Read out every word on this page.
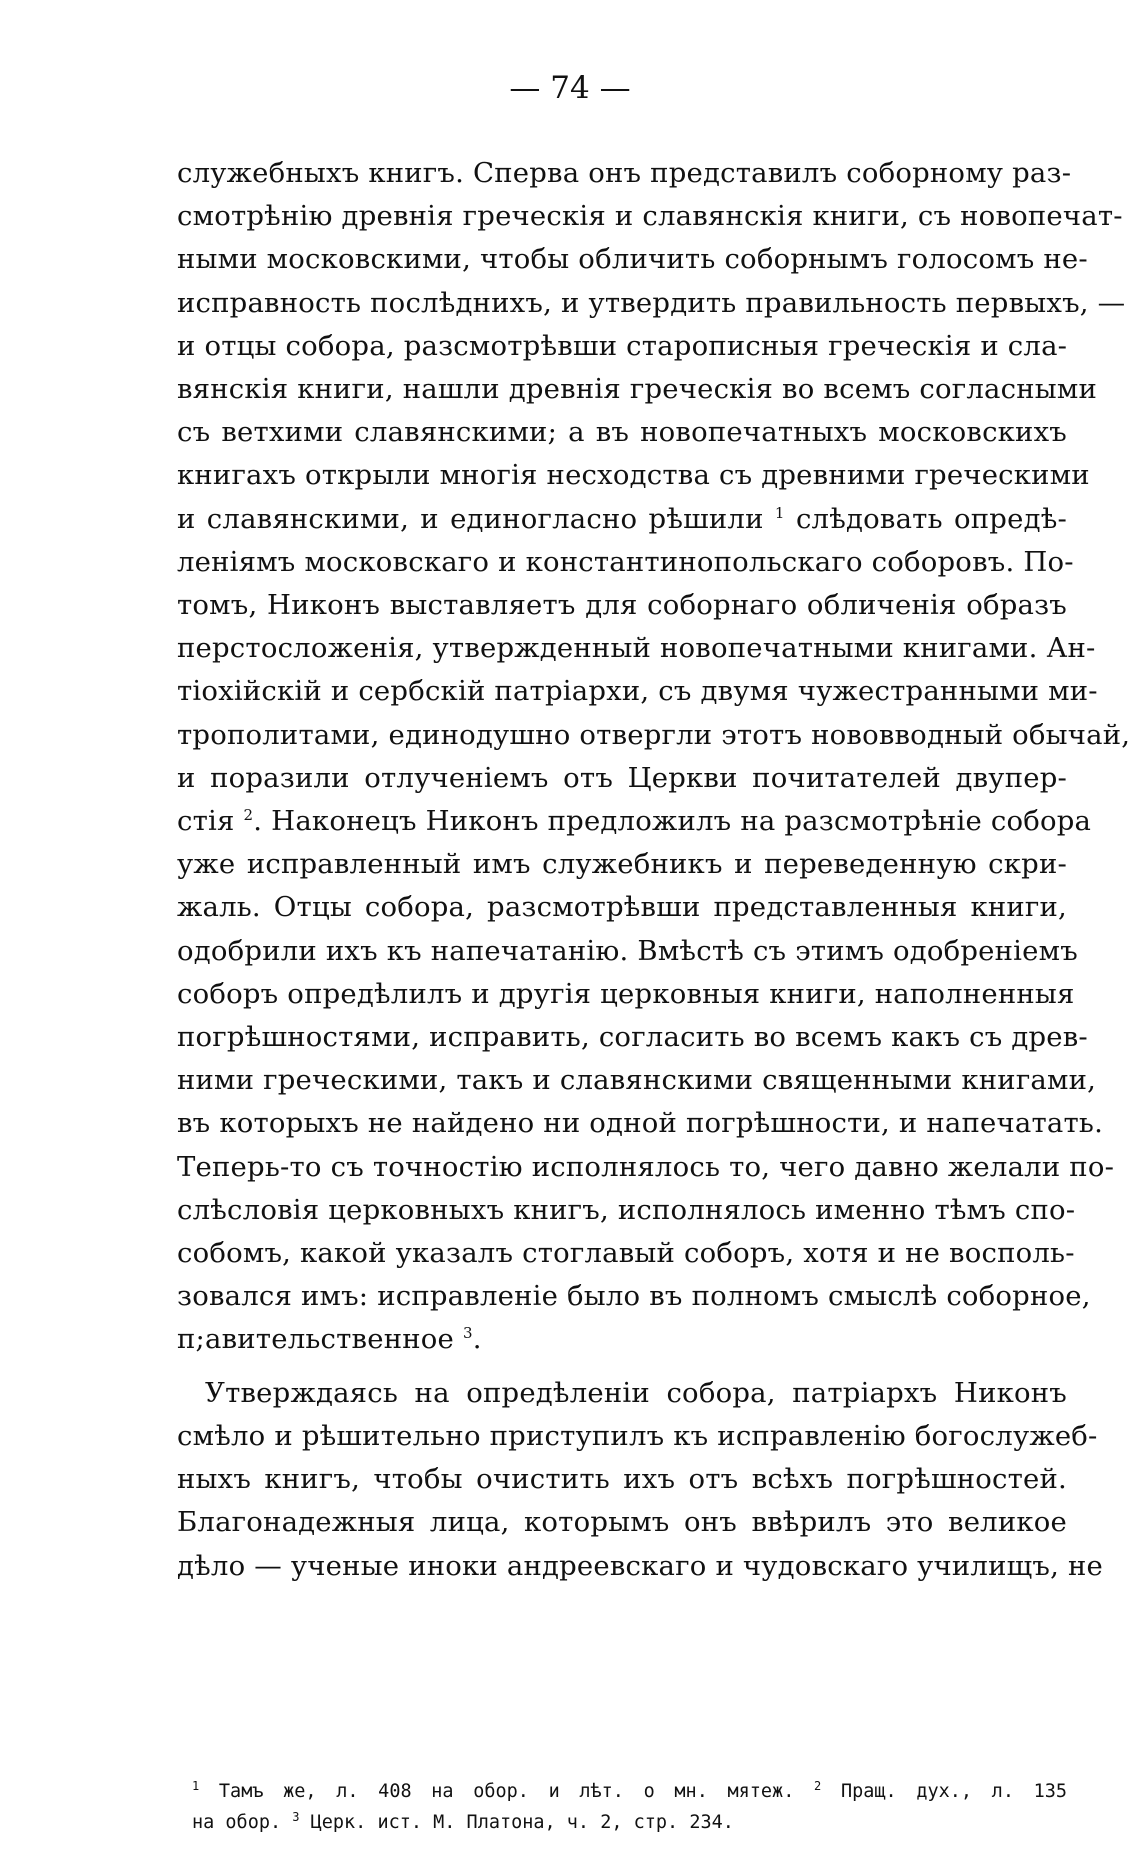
— 74 —
служебныхъ книгъ. Сперва онъ представилъ соборному раз-
смотрѣнію древнія греческія и славянскія книги, съ новопечат-
ными московскими, чтобы обличить соборнымъ голосомъ не-
исправность послѣднихъ, и утвердить правильность первыхъ, —
и отцы собора, разсмотрѣвши старописныя греческія и сла-
вянскія книги, нашли древнія греческія во всемъ согласными
съ ветхими славянскими; а въ новопечатныхъ московскихъ
книгахъ открыли многія несходства съ древними греческими
и славянскими, и единогласно рѣшили $^1$ слѣдовать опредѣ-
леніямъ московскаго и константинопольскаго соборовъ. По-
томъ, Никонъ выставляетъ для соборнаго обличенія образъ
перстосложенія, утвержденный новопечатными книгами. Ан-
тіохійскій и сербскій патріархи, съ двумя чужестранными ми-
трополитами, единодушно отвергли этотъ нововводный обычай,
и поразили отлученіемъ отъ Церкви почитателей двупер-
стія $^2$. Наконецъ Никонъ предложилъ на разсмотрѣніе собора
уже исправленный имъ служебникъ и переведенную скри-
жаль. Отцы собора, разсмотрѣвши представленныя книги,
одобрили ихъ къ напечатанію. Вмѣстѣ съ этимъ одобреніемъ
соборъ опредѣлилъ и другія церковныя книги, наполненныя
погрѣшностями, исправить, согласить во всемъ какъ съ древ-
ними греческими, такъ и славянскими священными книгами,
въ которыхъ не найдено ни одной погрѣшности, и напечатать.
Теперь-то съ точностію исполнялось то, чего давно желали по-
слѣсловія церковныхъ книгъ, исполнялось именно тѣмъ спо-
собомъ, какой указалъ стоглавый соборъ, хотя и не восполь-
зовался имъ: исправленіе было въ полномъ смыслѣ соборное,
п;авительственное $^3$.
Утверждаясь на опредѣленіи собора, патріархъ Никонъ
смѣло и рѣшительно приступилъ къ исправленію богослужеб-
ныхъ книгъ, чтобы очистить ихъ отъ всѣхъ погрѣшностей.
Благонадежныя лица, которымъ онъ ввѣрилъ это великое
дѣло — ученые иноки андреевскаго и чудовскаго училищъ, не
$^1$ Тамъ же, л. 408 на обор. и лѣт. о мн. мятеж. $^2$ Пращ. дух., л. 135
на обор. $^3$ Церк. ист. М. Платона, ч. 2, стр. 234.
